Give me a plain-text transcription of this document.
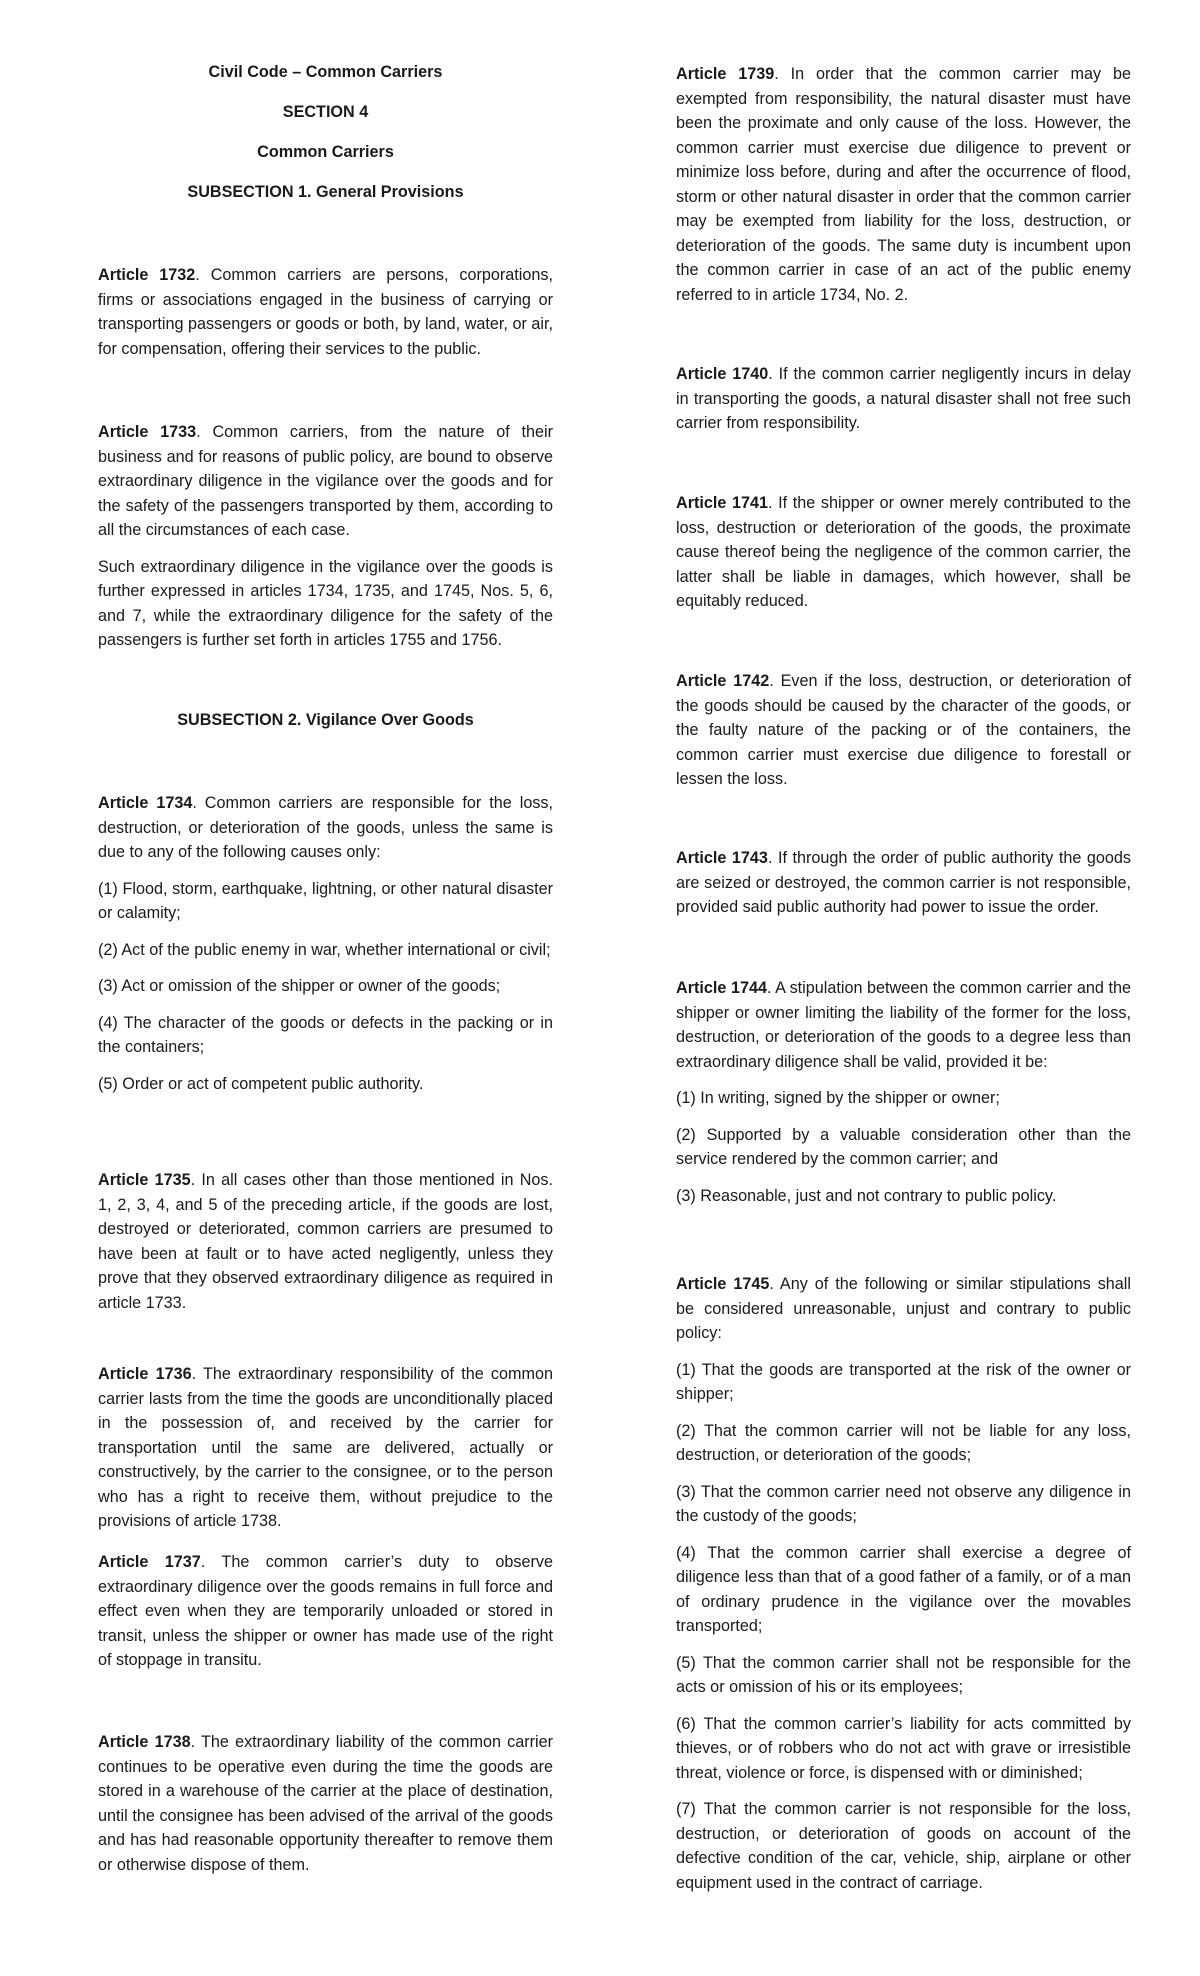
Civil Code – Common Carriers

SECTION 4

Common Carriers

SUBSECTION 1. General Provisions

Article 1732. Common carriers are persons, corporations, firms or associations engaged in the business of carrying or transporting passengers or goods or both, by land, water, or air, for compensation, offering their services to the public.

Article 1733. Common carriers, from the nature of their business and for reasons of public policy, are bound to observe extraordinary diligence in the vigilance over the goods and for the safety of the passengers transported by them, according to all the circumstances of each case.

Such extraordinary diligence in the vigilance over the goods is further expressed in articles 1734, 1735, and 1745, Nos. 5, 6, and 7, while the extraordinary diligence for the safety of the passengers is further set forth in articles 1755 and 1756.

SUBSECTION 2. Vigilance Over Goods

Article 1734. Common carriers are responsible for the loss, destruction, or deterioration of the goods, unless the same is due to any of the following causes only:

(1) Flood, storm, earthquake, lightning, or other natural disaster or calamity;

(2) Act of the public enemy in war, whether international or civil;

(3) Act or omission of the shipper or owner of the goods;

(4) The character of the goods or defects in the packing or in the containers;

(5) Order or act of competent public authority.

Article 1735. In all cases other than those mentioned in Nos. 1, 2, 3, 4, and 5 of the preceding article, if the goods are lost, destroyed or deteriorated, common carriers are presumed to have been at fault or to have acted negligently, unless they prove that they observed extraordinary diligence as required in article 1733.

Article 1736. The extraordinary responsibility of the common carrier lasts from the time the goods are unconditionally placed in the possession of, and received by the carrier for transportation until the same are delivered, actually or constructively, by the carrier to the consignee, or to the person who has a right to receive them, without prejudice to the provisions of article 1738.

Article 1737. The common carrier’s duty to observe extraordinary diligence over the goods remains in full force and effect even when they are temporarily unloaded or stored in transit, unless the shipper or owner has made use of the right of stoppage in transitu.

Article 1738. The extraordinary liability of the common carrier continues to be operative even during the time the goods are stored in a warehouse of the carrier at the place of destination, until the consignee has been advised of the arrival of the goods and has had reasonable opportunity thereafter to remove them or otherwise dispose of them.

Article 1739. In order that the common carrier may be exempted from responsibility, the natural disaster must have been the proximate and only cause of the loss. However, the common carrier must exercise due diligence to prevent or minimize loss before, during and after the occurrence of flood, storm or other natural disaster in order that the common carrier may be exempted from liability for the loss, destruction, or deterioration of the goods. The same duty is incumbent upon the common carrier in case of an act of the public enemy referred to in article 1734, No. 2.

Article 1740. If the common carrier negligently incurs in delay in transporting the goods, a natural disaster shall not free such carrier from responsibility.

Article 1741. If the shipper or owner merely contributed to the loss, destruction or deterioration of the goods, the proximate cause thereof being the negligence of the common carrier, the latter shall be liable in damages, which however, shall be equitably reduced.

Article 1742. Even if the loss, destruction, or deterioration of the goods should be caused by the character of the goods, or the faulty nature of the packing or of the containers, the common carrier must exercise due diligence to forestall or lessen the loss.

Article 1743. If through the order of public authority the goods are seized or destroyed, the common carrier is not responsible, provided said public authority had power to issue the order.

Article 1744. A stipulation between the common carrier and the shipper or owner limiting the liability of the former for the loss, destruction, or deterioration of the goods to a degree less than extraordinary diligence shall be valid, provided it be:

(1) In writing, signed by the shipper or owner;

(2) Supported by a valuable consideration other than the service rendered by the common carrier; and

(3) Reasonable, just and not contrary to public policy.

Article 1745. Any of the following or similar stipulations shall be considered unreasonable, unjust and contrary to public policy:

(1) That the goods are transported at the risk of the owner or shipper;

(2) That the common carrier will not be liable for any loss, destruction, or deterioration of the goods;

(3) That the common carrier need not observe any diligence in the custody of the goods;

(4) That the common carrier shall exercise a degree of diligence less than that of a good father of a family, or of a man of ordinary prudence in the vigilance over the movables transported;

(5) That the common carrier shall not be responsible for the acts or omission of his or its employees;

(6) That the common carrier’s liability for acts committed by thieves, or of robbers who do not act with grave or irresistible threat, violence or force, is dispensed with or diminished;

(7) That the common carrier is not responsible for the loss, destruction, or deterioration of goods on account of the defective condition of the car, vehicle, ship, airplane or other equipment used in the contract of carriage.
